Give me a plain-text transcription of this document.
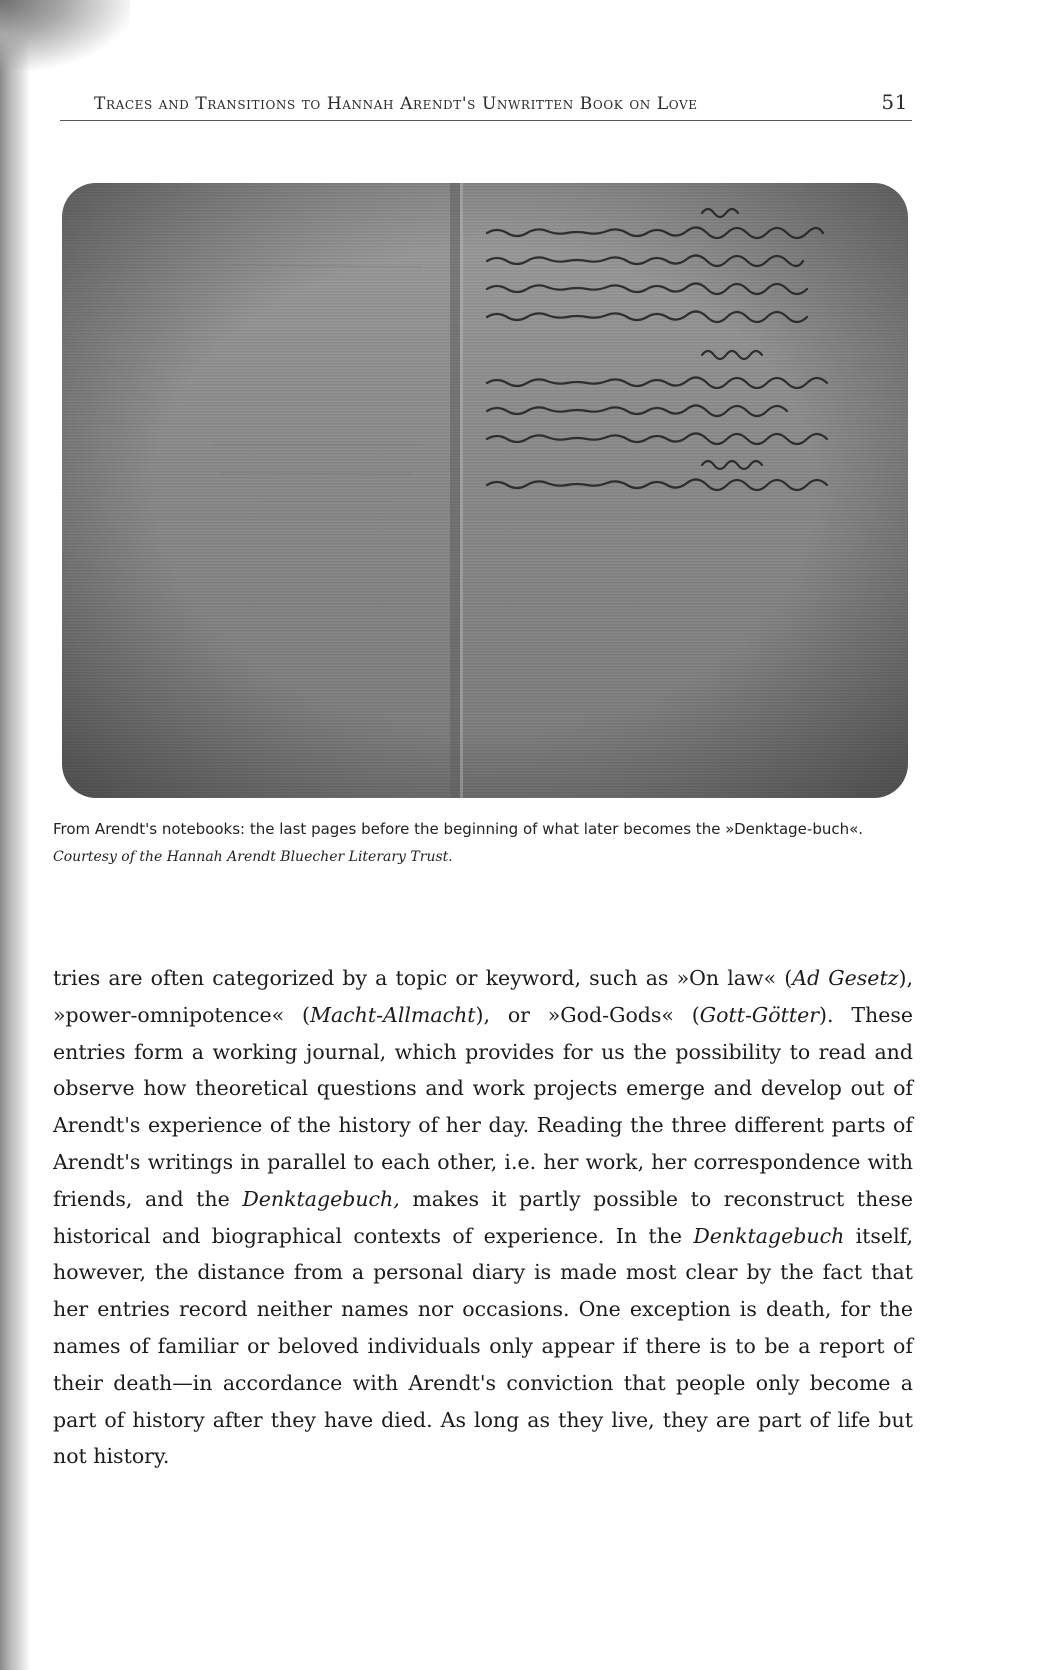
Traces and Transitions to Hannah Arendt's Unwritten Book on Love	51
From Arendt's notebooks: the last pages before the beginning of what later becomes the »Denktage-buch«.
Courtesy of the Hannah Arendt Bluecher Literary Trust.

tries are often categorized by a topic or keyword, such as »On law« (Ad Gesetz), »power-omnipotence« (Macht-Allmacht), or »God-Gods« (Gott-Götter). These entries form a working journal, which provides for us the possibility to read and observe how theoretical questions and work projects emerge and develop out of Arendt's experience of the history of her day. Reading the three different parts of Arendt's writings in parallel to each other, i.e. her work, her correspondence with friends, and the Denktagebuch, makes it partly possible to reconstruct these historical and biographical contexts of experience. In the Denktagebuch itself, however, the distance from a personal diary is made most clear by the fact that her entries record neither names nor occasions. One exception is death, for the names of familiar or beloved individuals only appear if there is to be a report of their death—in accordance with Arendt's conviction that people only become a part of history after they have died. As long as they live, they are part of life but not history.
